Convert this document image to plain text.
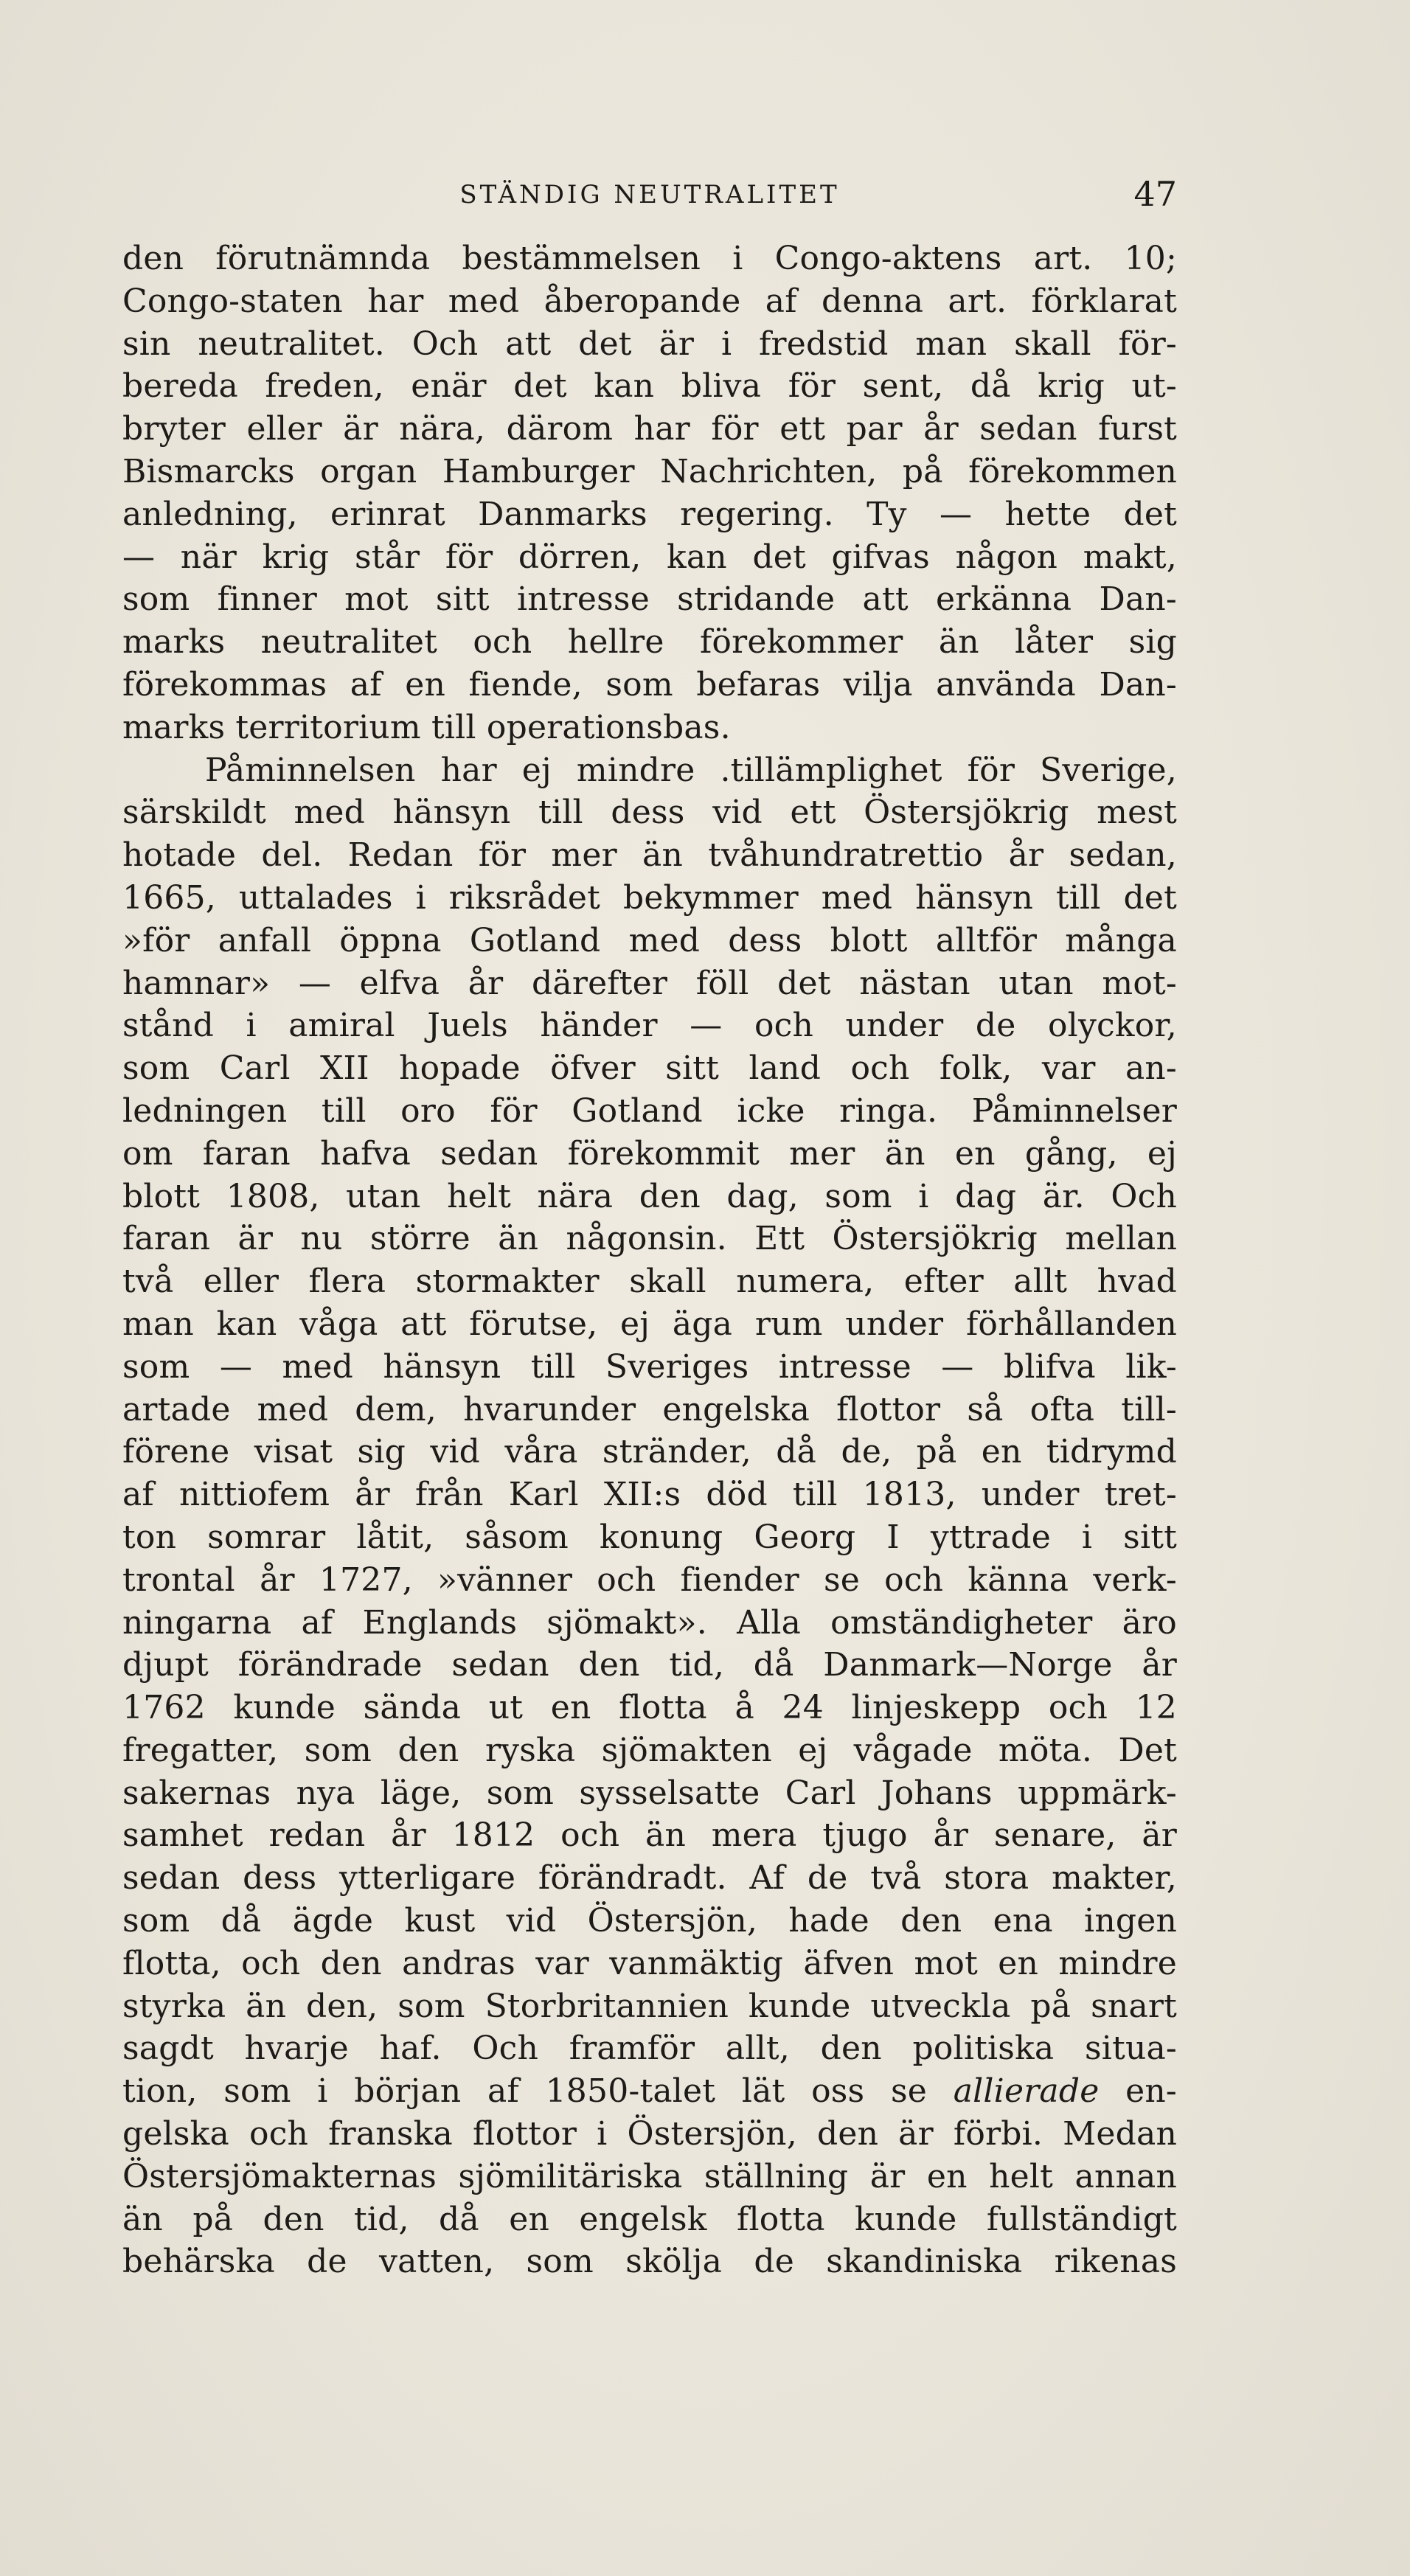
STÄNDIG NEUTRALITET	47
den förutnämnda bestämmelsen i Congo-aktens art. 10;
Congo-staten har med åberopande af denna art. förklarat
sin neutralitet. Och att det är i fredstid man skall för-
bereda freden, enär det kan bliva för sent, då krig ut-
bryter eller är nära, därom har för ett par år sedan furst
Bismarcks organ Hamburger Nachrichten, på förekommen
anledning, erinrat Danmarks regering. Ty — hette det
— när krig står för dörren, kan det gifvas någon makt,
som finner mot sitt intresse stridande att erkänna Dan-
marks neutralitet och hellre förekommer än låter sig
förekommas af en fiende, som befaras vilja använda Dan-
marks territorium till operationsbas.
Påminnelsen har ej mindre .tillämplighet för Sverige,
särskildt med hänsyn till dess vid ett Östersjökrig mest
hotade del. Redan för mer än tvåhundratrettio år sedan,
1665, uttalades i riksrådet bekymmer med hänsyn till det
»för anfall öppna Gotland med dess blott alltför många
hamnar» — elfva år därefter föll det nästan utan mot-
stånd i amiral Juels händer — och under de olyckor,
som Carl XII hopade öfver sitt land och folk, var an-
ledningen till oro för Gotland icke ringa. Påminnelser
om faran hafva sedan förekommit mer än en gång, ej
blott 1808, utan helt nära den dag, som i dag är. Och
faran är nu större än någonsin. Ett Östersjökrig mellan
två eller flera stormakter skall numera, efter allt hvad
man kan våga att förutse, ej äga rum under förhållanden
som — med hänsyn till Sveriges intresse — blifva lik-
artade med dem, hvarunder engelska flottor så ofta till-
förene visat sig vid våra stränder, då de, på en tidrymd
af nittiofem år från Karl XII:s död till 1813, under tret-
ton somrar låtit, såsom konung Georg I yttrade i sitt
trontal år 1727, »vänner och fiender se och känna verk-
ningarna af Englands sjömakt». Alla omständigheter äro
djupt förändrade sedan den tid, då Danmark—Norge år
1762 kunde sända ut en flotta å 24 linjeskepp och 12
fregatter, som den ryska sjömakten ej vågade möta. Det
sakernas nya läge, som sysselsatte Carl Johans uppmärk-
samhet redan år 1812 och än mera tjugo år senare, är
sedan dess ytterligare förändradt. Af de två stora makter,
som då ägde kust vid Östersjön, hade den ena ingen
flotta, och den andras var vanmäktig äfven mot en mindre
styrka än den, som Storbritannien kunde utveckla på snart
sagdt hvarje haf. Och framför allt, den politiska situa-
tion, som i början af 1850-talet lät oss se allierade en-
gelska och franska flottor i Östersjön, den är förbi. Medan
Östersjömakternas sjömilitäriska ställning är en helt annan
än på den tid, då en engelsk flotta kunde fullständigt
behärska de vatten, som skölja de skandiniska rikenas
